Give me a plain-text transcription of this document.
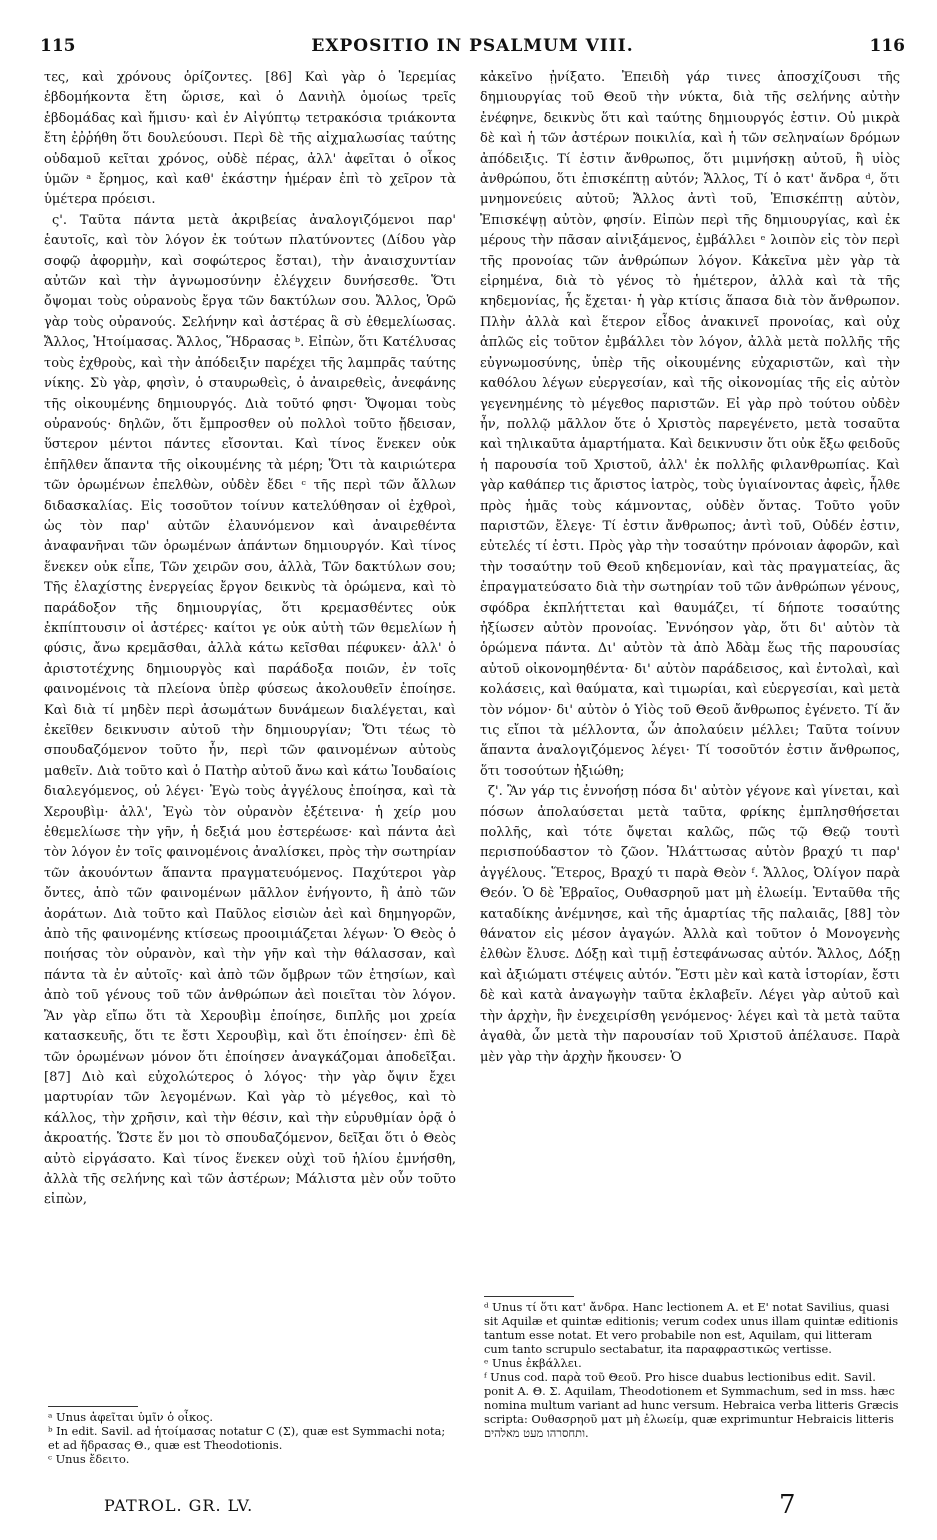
115	EXPOSITIO IN PSALMUM VIII.	116

τες, καὶ χρόνους ὁρίζοντες. [86] Καὶ γὰρ ὁ Ἱερεμίας ἑβδομήκοντα ἔτη ὥρισε, καὶ ὁ Δανιὴλ ὁμοίως τρεῖς ἑβδομάδας καὶ ἥμισυ· καὶ ἐν Αἰγύπτῳ τετρακόσια τριάκοντα ἔτη ἐῤῥήθη ὅτι δουλεύουσι. Περὶ δὲ τῆς αἰχμαλωσίας ταύτης οὐδαμοῦ κεῖται χρόνος, οὐδὲ πέρας, ἀλλ' ἀφεῖται ὁ οἶκος ὑμῶν ᵃ ἔρημος, καὶ καθ' ἑκάστην ἡμέραν ἐπὶ τὸ χεῖρον τὰ ὑμέτερα πρόεισι.

ς'. Ταῦτα πάντα μετὰ ἀκριβείας ἀναλογιζόμενοι παρ' ἑαυτοῖς, καὶ τὸν λόγον ἐκ τούτων πλατύνοντες (Δίδου γὰρ σοφῷ ἀφορμὴν, καὶ σοφώτερος ἔσται), τὴν ἀναισχυντίαν αὐτῶν καὶ τὴν ἀγνωμοσύνην ἐλέγχειν δυνήσεσθε. Ὅτι ὄψομαι τοὺς οὐρανοὺς ἔργα τῶν δακτύλων σου. Ἄλλος, Ὁρῶ γὰρ τοὺς οὐρανούς. Σελήνην καὶ ἀστέρας ἃ σὺ ἐθεμελίωσας. Ἄλλος, Ἡτοίμασας. Ἄλλος, Ἥδρασας ᵇ. Εἰπὼν, ὅτι Κατέλυσας τοὺς ἐχθροὺς, καὶ τὴν ἀπόδειξιν παρέχει τῆς λαμπρᾶς ταύτης νίκης. Σὺ γὰρ, φησὶν, ὁ σταυρωθεὶς, ὁ ἀναιρεθεὶς, ἀνεφάνης τῆς οἰκουμένης δημιουργός. Διὰ τοῦτό φησι· Ὄψομαι τοὺς οὐρανούς· δηλῶν, ὅτι ἔμπροσθεν οὐ πολλοὶ τοῦτο ᾔδεισαν, ὕστερον μέντοι πάντες εἴσονται. Καὶ τίνος ἕνεκεν οὐκ ἐπῆλθεν ἅπαντα τῆς οἰκουμένης τὰ μέρη; Ὅτι τὰ καιριώτερα τῶν ὁρωμένων ἐπελθὼν, οὐδὲν ἔδει ᶜ τῆς περὶ τῶν ἄλλων διδασκαλίας. Εἰς τοσοῦτον τοίνυν κατελύθησαν οἱ ἐχθροὶ, ὡς τὸν παρ' αὐτῶν ἐλαυνόμενον καὶ ἀναιρεθέντα ἀναφανῆναι τῶν ὁρωμένων ἁπάντων δημιουργόν. Καὶ τίνος ἕνεκεν οὐκ εἶπε, Τῶν χειρῶν σου, ἀλλὰ, Τῶν δακτύλων σου; Τῆς ἐλαχίστης ἐνεργείας ἔργον δεικνὺς τὰ ὁρώμενα, καὶ τὸ παράδοξον τῆς δημιουργίας, ὅτι κρεμασθέντες οὐκ ἐκπίπτουσιν οἱ ἀστέρες· καίτοι γε οὐκ αὐτὴ τῶν θεμελίων ἡ φύσις, ἄνω κρεμᾶσθαι, ἀλλὰ κάτω κεῖσθαι πέφυκεν· ἀλλ' ὁ ἀριστοτέχνης δημιουργὸς καὶ παράδοξα ποιῶν, ἐν τοῖς φαινομένοις τὰ πλείονα ὑπὲρ φύσεως ἀκολουθεῖν ἐποίησε. Καὶ διὰ τί μηδὲν περὶ ἀσωμάτων δυνάμεων διαλέγεται, καὶ ἐκεῖθεν δεικνυσιν αὐτοῦ τὴν δημιουργίαν; Ὅτι τέως τὸ σπουδαζόμενον τοῦτο ἦν, περὶ τῶν φαινομένων αὐτοὺς μαθεῖν. Διὰ τοῦτο καὶ ὁ Πατὴρ αὐτοῦ ἄνω καὶ κάτω Ἰουδαίοις διαλεγόμενος, οὐ λέγει· Ἐγὼ τοὺς ἀγγέλους ἐποίησα, καὶ τὰ Χερουβὶμ· ἀλλ', Ἐγὼ τὸν οὐρανὸν ἐξέτεινα· ἡ χείρ μου ἐθεμελίωσε τὴν γῆν, ἡ δεξιά μου ἐστερέωσε· καὶ πάντα ἀεὶ τὸν λόγον ἐν τοῖς φαινομένοις ἀναλίσκει, πρὸς τὴν σωτηρίαν τῶν ἀκουόντων ἅπαντα πραγματευόμενος. Παχύτεροι γὰρ ὄντες, ἀπὸ τῶν φαινομένων μᾶλλον ἐνήγοντο, ἢ ἀπὸ τῶν ἀοράτων. Διὰ τοῦτο καὶ Παῦλος εἰσιὼν ἀεὶ καὶ δημηγορῶν, ἀπὸ τῆς φαινομένης κτίσεως προοιμιάζεται λέγων· Ὁ Θεὸς ὁ ποιήσας τὸν οὐρανὸν, καὶ τὴν γῆν καὶ τὴν θάλασσαν, καὶ πάντα τὰ ἐν αὐτοῖς· καὶ ἀπὸ τῶν ὄμβρων τῶν ἐτησίων, καὶ ἀπὸ τοῦ γένους τοῦ τῶν ἀνθρώπων ἀεὶ ποιεῖται τὸν λόγον. Ἂν γὰρ εἴπω ὅτι τὰ Χερουβὶμ ἐποίησε, διπλῆς μοι χρεία κατασκευῆς, ὅτι τε ἔστι Χερουβὶμ, καὶ ὅτι ἐποίησεν· ἐπὶ δὲ τῶν ὁρωμένων μόνον ὅτι ἐποίησεν ἀναγκάζομαι ἀποδεῖξαι. [87] Διὸ καὶ εὐχολώτερος ὁ λόγος· τὴν γὰρ ὄψιν ἔχει μαρτυρίαν τῶν λεγομένων. Καὶ γὰρ τὸ μέγεθος, καὶ τὸ κάλλος, τὴν χρῆσιν, καὶ τὴν θέσιν, καὶ τὴν εὐρυθμίαν ὁρᾷ ὁ ἀκροατής. Ὥστε ἕν μοι τὸ σπουδαζόμενον, δεῖξαι ὅτι ὁ Θεὸς αὐτὸ εἰργάσατο. Καὶ τίνος ἕνεκεν οὐχὶ τοῦ ἡλίου ἐμνήσθη, ἀλλὰ τῆς σελήνης καὶ τῶν ἀστέρων; Μάλιστα μὲν οὖν τοῦτο εἰπὼν,

κἀκεῖνο ᾐνίξατο. Ἐπειδὴ γάρ τινες ἀποσχίζουσι τῆς δημιουργίας τοῦ Θεοῦ τὴν νύκτα, διὰ τῆς σελήνης αὐτὴν ἐνέφηνε, δεικνὺς ὅτι καὶ ταύτης δημιουργός ἐστιν. Οὐ μικρὰ δὲ καὶ ἡ τῶν ἀστέρων ποικιλία, καὶ ἡ τῶν σεληναίων δρόμων ἀπόδειξις. Τί ἐστιν ἄνθρωπος, ὅτι μιμνήσκῃ αὐτοῦ, ἢ υἱὸς ἀνθρώπου, ὅτι ἐπισκέπτῃ αὐτόν; Ἄλλος, Τί ὁ κατ' ἄνδρα ᵈ, ὅτι μνημονεύεις αὐτοῦ; Ἄλλος ἀντὶ τοῦ, Ἐπισκέπτῃ αὐτὸν, Ἐπισκέψῃ αὐτὸν, φησίν. Εἰπὼν περὶ τῆς δημιουργίας, καὶ ἐκ μέρους τὴν πᾶσαν αἰνιξάμενος, ἐμβάλλει ᵉ λοιπὸν εἰς τὸν περὶ τῆς προνοίας τῶν ἀνθρώπων λόγον. Κἀκεῖνα μὲν γὰρ τὰ εἰρημένα, διὰ τὸ γένος τὸ ἡμέτερον, ἀλλὰ καὶ τὰ τῆς κηδεμονίας, ἧς ἔχεται· ἡ γὰρ κτίσις ἅπασα διὰ τὸν ἄνθρωπον. Πλὴν ἀλλὰ καὶ ἕτερον εἶδος ἀνακινεῖ προνοίας, καὶ οὐχ ἁπλῶς εἰς τοῦτον ἐμβάλλει τὸν λόγον, ἀλλὰ μετὰ πολλῆς τῆς εὐγνωμοσύνης, ὑπὲρ τῆς οἰκουμένης εὐχαριστῶν, καὶ τὴν καθόλου λέγων εὐεργεσίαν, καὶ τῆς οἰκονομίας τῆς εἰς αὐτὸν γεγενημένης τὸ μέγεθος παριστῶν. Εἰ γὰρ πρὸ τούτου οὐδὲν ἦν, πολλῷ μᾶλλον ὅτε ὁ Χριστὸς παρεγένετο, μετὰ τοσαῦτα καὶ τηλικαῦτα ἁμαρτήματα. Καὶ δεικνυσιν ὅτι οὐκ ἔξω φειδοῦς ἡ παρουσία τοῦ Χριστοῦ, ἀλλ' ἐκ πολλῆς φιλανθρωπίας. Καὶ γὰρ καθάπερ τις ἄριστος ἰατρὸς, τοὺς ὑγιαίνοντας ἀφεὶς, ἦλθε πρὸς ἡμᾶς τοὺς κάμνοντας, οὐδὲν ὄντας. Τοῦτο γοῦν παριστῶν, ἔλεγε· Τί ἐστιν ἄνθρωπος; ἀντὶ τοῦ, Οὐδέν ἐστιν, εὐτελές τί ἐστι. Πρὸς γὰρ τὴν τοσαύτην πρόνοιαν ἀφορῶν, καὶ τὴν τοσαύτην τοῦ Θεοῦ κηδεμονίαν, καὶ τὰς πραγματείας, ἃς ἐπραγματεύσατο διὰ τὴν σωτηρίαν τοῦ τῶν ἀνθρώπων γένους, σφόδρα ἐκπλήττεται καὶ θαυμάζει, τί δήποτε τοσαύτης ἠξίωσεν αὐτὸν προνοίας. Ἐννόησον γὰρ, ὅτι δι' αὐτὸν τὰ ὁρώμενα πάντα. Δι' αὐτὸν τὰ ἀπὸ Ἀδὰμ ἕως τῆς παρουσίας αὐτοῦ οἰκονομηθέντα· δι' αὐτὸν παράδεισος, καὶ ἐντολαὶ, καὶ κολάσεις, καὶ θαύματα, καὶ τιμωρίαι, καὶ εὐεργεσίαι, καὶ μετὰ τὸν νόμον· δι' αὐτὸν ὁ Υἱὸς τοῦ Θεοῦ ἄνθρωπος ἐγένετο. Τί ἄν τις εἴποι τὰ μέλλοντα, ὧν ἀπολαύειν μέλλει; Ταῦτα τοίνυν ἅπαντα ἀναλογιζόμενος λέγει· Τί τοσοῦτόν ἐστιν ἄνθρωπος, ὅτι τοσούτων ἠξιώθη;

ζ'. Ἂν γάρ τις ἐννοήσῃ πόσα δι' αὐτὸν γέγονε καὶ γίνεται, καὶ πόσων ἀπολαύσεται μετὰ ταῦτα, φρίκης ἐμπλησθήσεται πολλῆς, καὶ τότε ὄψεται καλῶς, πῶς τῷ Θεῷ τουτὶ περισπούδαστον τὸ ζῶον. Ἠλάττωσας αὐτὸν βραχύ τι παρ' ἀγγέλους. Ἕτερος, Βραχύ τι παρὰ Θεὸν ᶠ. Ἄλλος, Ὀλίγον παρὰ Θεόν. Ὁ δὲ Ἑβραῖος, Ουθασρηοῦ ματ μὴ ἐλωείμ. Ἐνταῦθα τῆς καταδίκης ἀνέμνησε, καὶ τῆς ἁμαρτίας τῆς παλαιᾶς, [88] τὸν θάνατον εἰς μέσον ἀγαγών. Ἀλλὰ καὶ τοῦτον ὁ Μονογενὴς ἐλθὼν ἔλυσε. Δόξῃ καὶ τιμῇ ἐστεφάνωσας αὐτόν. Ἄλλος, Δόξῃ καὶ ἀξιώματι στέψεις αὐτόν. Ἔστι μὲν καὶ κατὰ ἱστορίαν, ἔστι δὲ καὶ κατὰ ἀναγωγὴν ταῦτα ἐκλαβεῖν. Λέγει γὰρ αὐτοῦ καὶ τὴν ἀρχὴν, ἣν ἐνεχειρίσθη γενόμενος· λέγει καὶ τὰ μετὰ ταῦτα ἀγαθὰ, ὧν μετὰ τὴν παρουσίαν τοῦ Χριστοῦ ἀπέλαυσε. Παρὰ μὲν γὰρ τὴν ἀρχὴν ἤκουσεν· Ὁ

ᵃ Unus ἀφεῖται ὑμῖν ὁ οἶκος.

ᵇ In edit. Savil. ad ἡτοίμασας notatur C (Σ), quæ est Symmachi nota; et ad ἥδρασας Θ., quæ est Theodotionis.

ᶜ Unus ἔδειτο.

ᵈ Unus τί ὅτι κατ' ἄνδρα. Hanc lectionem A. et E' notat Savilius, quasi sit Aquilæ et quintæ editionis; verum codex unus illam quintæ editionis tantum esse notat. Et vero probabile non est, Aquilam, qui litteram cum tanto scrupulo sectabatur, ita παραφραστικῶς vertisse.

ᵉ Unus ἐκβάλλει.

ᶠ Unus cod. παρὰ τοῦ Θεοῦ. Pro hisce duabus lectionibus edit. Savil. ponit A. Θ. Σ. Aquilam, Theodotionem et Symmachum, sed in mss. hæc nomina multum variant ad hunc versum. Hebraica verba litteris Græcis scripta: Ουθασρηοῦ ματ μὴ ἐλωείμ, quæ exprimuntur Hebraicis litteris ותחסרהו מעט מאלהים.

PATROL. GR. LV.	7
